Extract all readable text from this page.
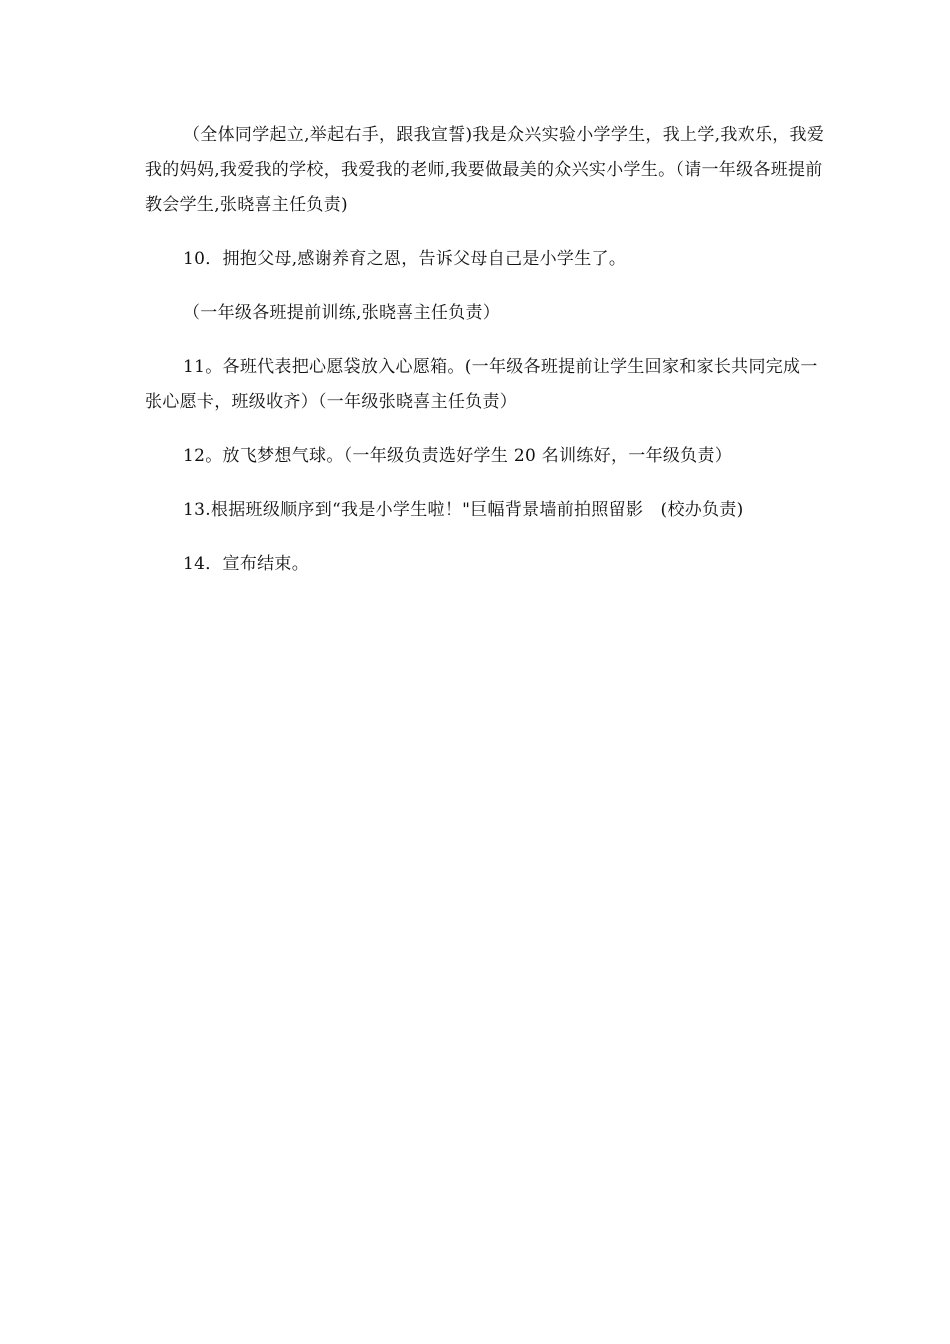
（全体同学起立,举起右手，跟我宣誓)我是众兴实验小学学生，我上学,我欢乐，我爱我的妈妈,我爱我的学校，我爱我的老师,我要做最美的众兴实小学生。（请一年级各班提前教会学生,张晓喜主任负责)

10．拥抱父母,感谢养育之恩，告诉父母自己是小学生了。

（一年级各班提前训练,张晓喜主任负责）

11。各班代表把心愿袋放入心愿箱。(一年级各班提前让学生回家和家长共同完成一张心愿卡，班级收齐）（一年级张晓喜主任负责）

12。放飞梦想气球。（一年级负责选好学生 20 名训练好，一年级负责）

13.根据班级顺序到“我是小学生啦！"巨幅背景墙前拍照留影　(校办负责)

14．宣布结束。
